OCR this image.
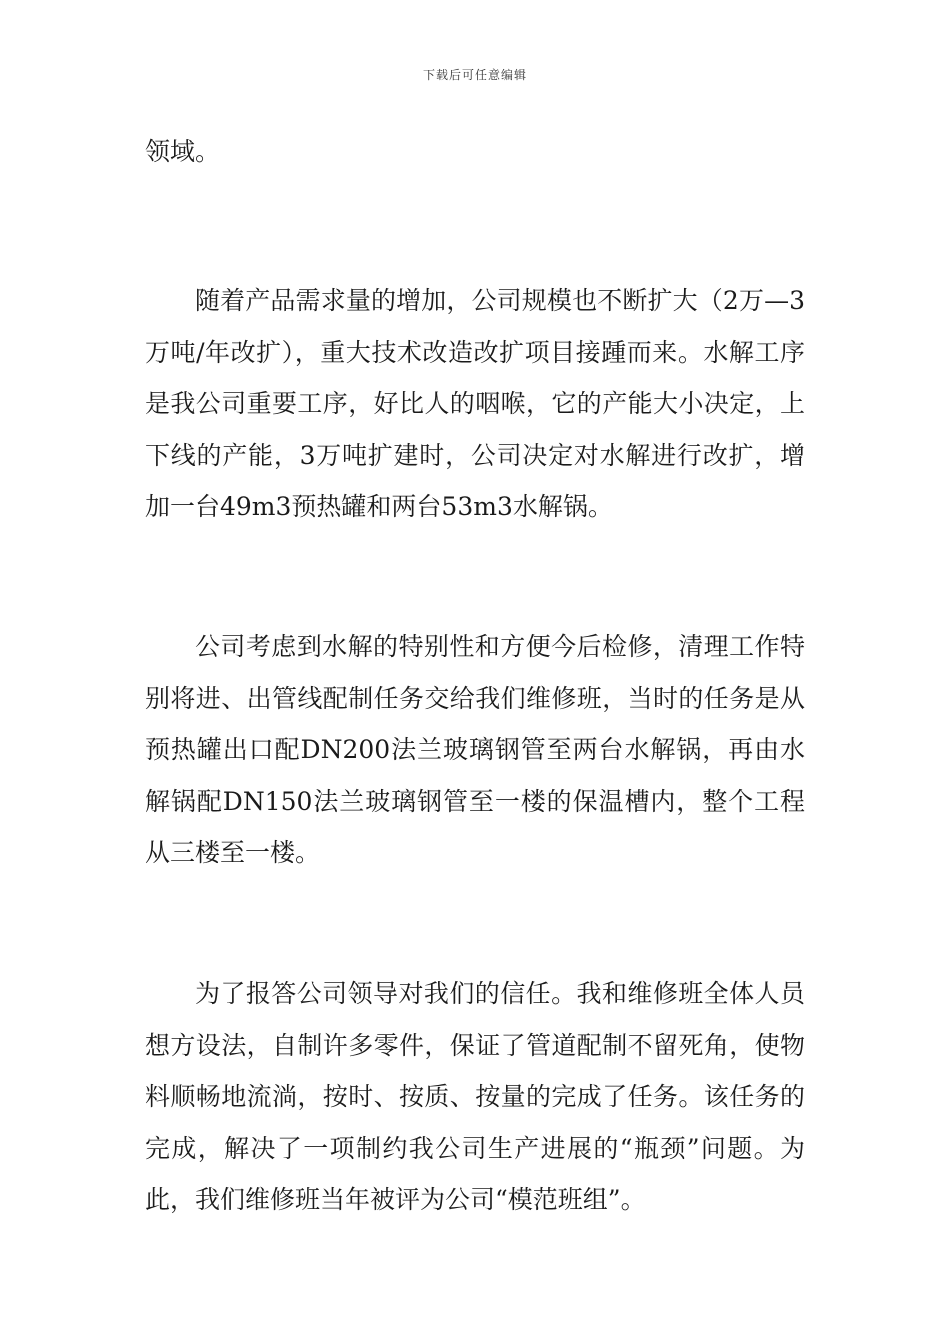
下载后可任意编辑

领域。

随着产品需求量的增加，公司规模也不断扩大（2万—3万吨/年改扩），重大技术改造改扩项目接踵而来。水解工序是我公司重要工序，好比人的咽喉，它的产能大小决定，上下线的产能，3万吨扩建时，公司决定对水解进行改扩，增加一台49m3预热罐和两台53m3水解锅。

公司考虑到水解的特别性和方便今后检修，清理工作特别将进、出管线配制任务交给我们维修班，当时的任务是从预热罐出口配DN200法兰玻璃钢管至两台水解锅，再由水解锅配DN150法兰玻璃钢管至一楼的保温槽内，整个工程从三楼至一楼。

为了报答公司领导对我们的信任。我和维修班全体人员想方设法，自制许多零件，保证了管道配制不留死角，使物料顺畅地流淌，按时、按质、按量的完成了任务。该任务的完成，解决了一项制约我公司生产进展的“瓶颈”问题。为此，我们维修班当年被评为公司“模范班组”。
